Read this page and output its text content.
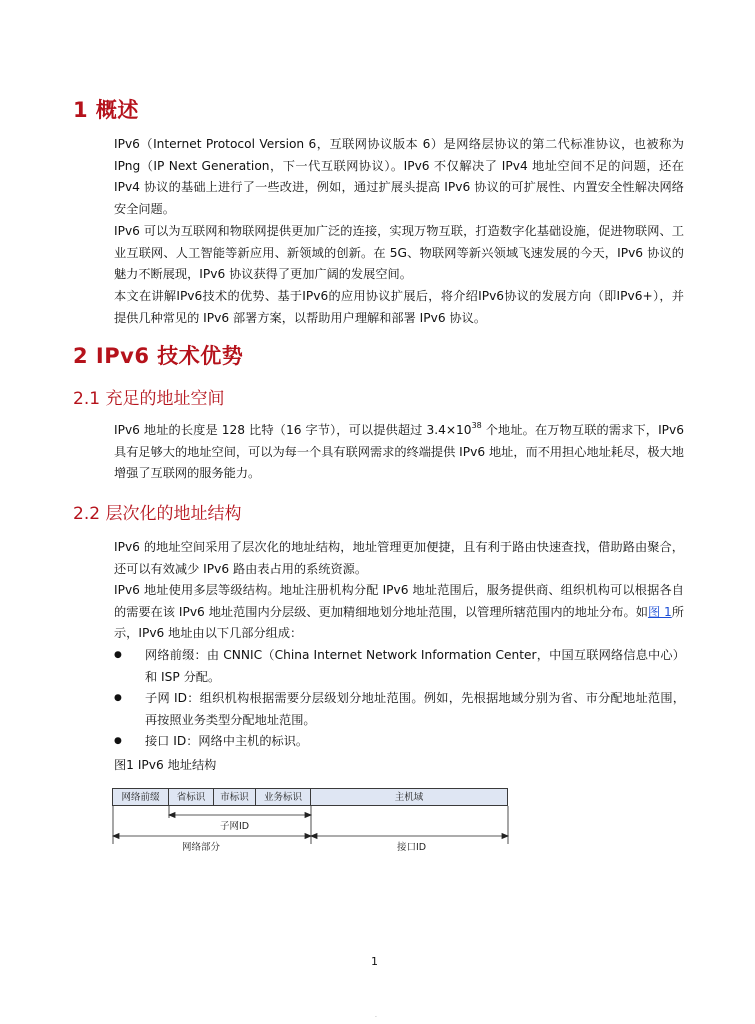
1 概述
IPv6（Internet Protocol Version 6，互联网协议版本 6）是网络层协议的第二代标准协议，也被称为 IPng（IP Next Generation，下一代互联网协议）。IPv6 不仅解决了 IPv4 地址空间不足的问题，还在 IPv4 协议的基础上进行了一些改进，例如，通过扩展头提高 IPv6 协议的可扩展性、内置安全性解决网络安全问题。
IPv6 可以为互联网和物联网提供更加广泛的连接，实现万物互联，打造数字化基础设施，促进物联网、工业互联网、人工智能等新应用、新领域的创新。在 5G、物联网等新兴领域飞速发展的今天，IPv6 协议的魅力不断展现，IPv6 协议获得了更加广阔的发展空间。
本文在讲解IPv6技术的优势、基于IPv6的应用协议扩展后，将介绍IPv6协议的发展方向（即IPv6+），并提供几种常见的 IPv6 部署方案，以帮助用户理解和部署 IPv6 协议。
2 IPv6 技术优势
2.1 充足的地址空间
IPv6 地址的长度是 128 比特（16 字节），可以提供超过 $3.4\times 10^{38}$ 个地址。在万物互联的需求下，IPv6 具有足够大的地址空间，可以为每一个具有联网需求的终端提供 IPv6 地址，而不用担心地址耗尽，极大地增强了互联网的服务能力。
2.2 层次化的地址结构
IPv6 的地址空间采用了层次化的地址结构，地址管理更加便捷，且有利于路由快速查找，借助路由聚合，还可以有效减少 IPv6 路由表占用的系统资源。
IPv6 地址使用多层等级结构。地址注册机构分配 IPv6 地址范围后，服务提供商、组织机构可以根据各自的需要在该 IPv6 地址范围内分层级、更加精细地划分地址范围，以管理所辖范围内的地址分布。如图 1所示，IPv6 地址由以下几部分组成：
● 网络前缀：由 CNNIC（China Internet Network Information Center，中国互联网络信息中心）和 ISP 分配。
● 子网 ID：组织机构根据需要分层级划分地址范围。例如，先根据地域分别为省、市分配地址范围，再按照业务类型分配地址范围。
● 接口 ID：网络中主机的标识。
图1 IPv6 地址结构
网络前缀	省标识	市标识	业务标识	主机域
子网ID
网络部分	接口ID
1
.
